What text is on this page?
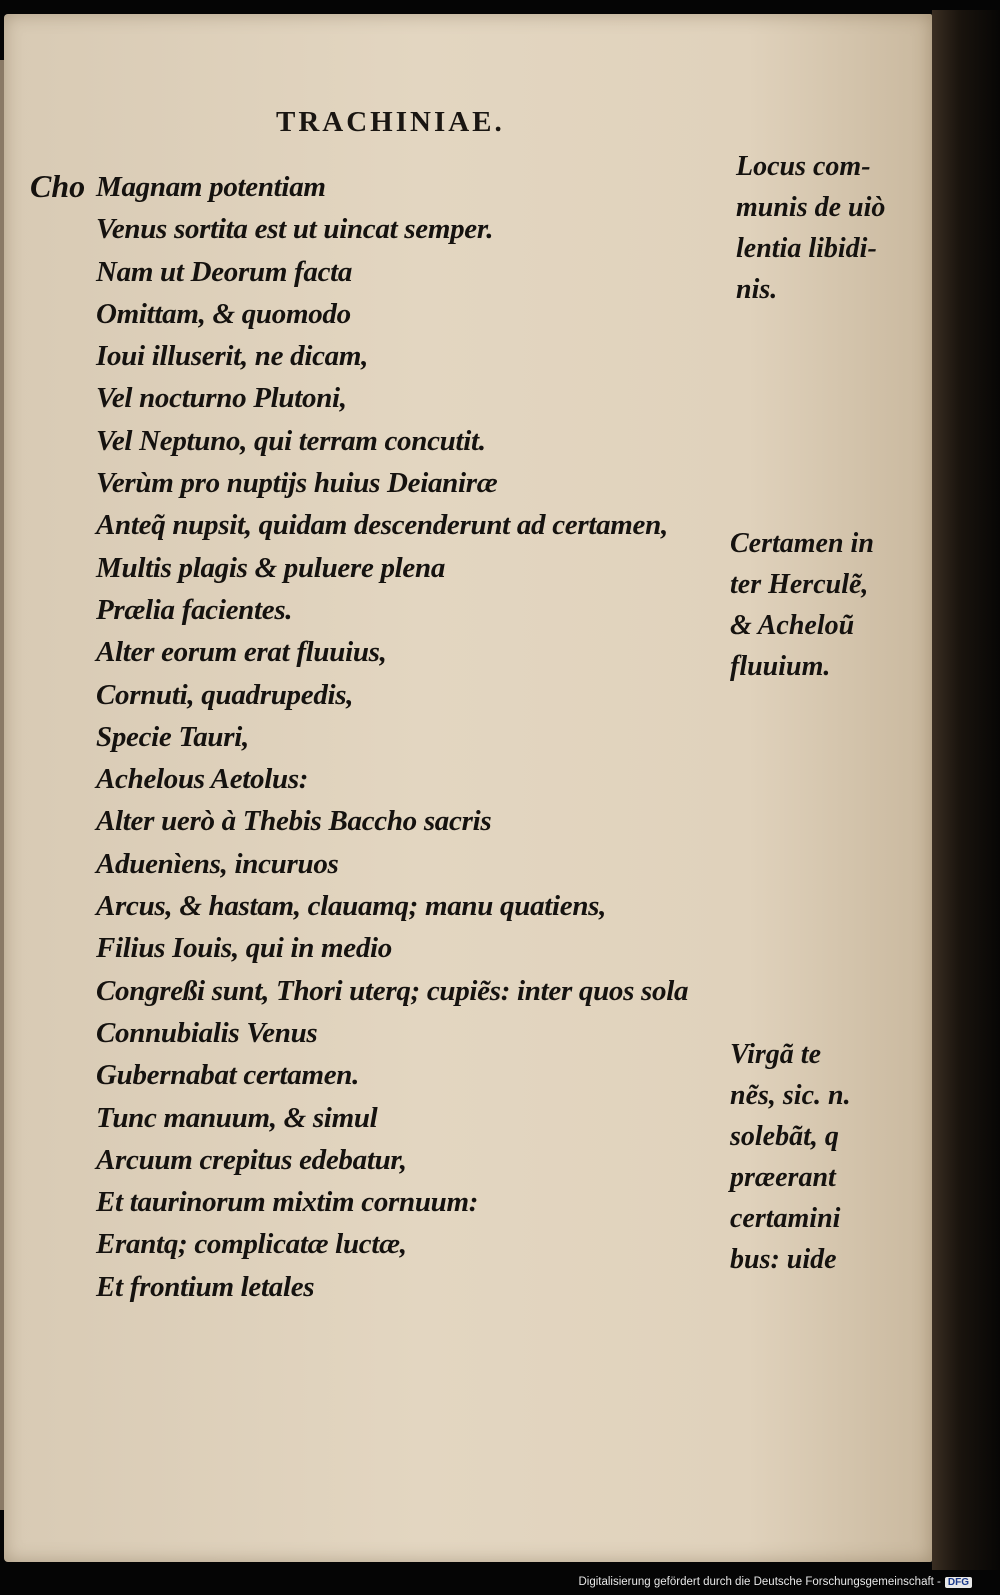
TRACHINIAE.
Cho Magnam potentiam
Venus sortita est ut uincat semper.
Nam ut Deorum facta
Omittam, & quomodo
Ioui illuserit, ne dicam,
Vel nocturno Plutoni,
Vel Neptuno, qui terram concutit.
Verùm pro nuptijs huius Deianiræ
Anteq̃ nupsit, quidam descenderunt ad certamen,
Multis plagis & puluere plena
Prælia facientes.
Alter eorum erat fluuius,
Cornuti, quadrupedis,
Specie Tauri,
Achelous Aetolus:
Alter uerò à Thebis Baccho sacris
Aduenìens, incuruos
Arcus, & hastam, clauamq; manu quatiens,
Filius Iouis, qui in medio
Congreßi sunt, Thori uterq; cupiẽs: inter quos sola
Connubialis Venus
Gubernabat certamen.
Tunc manuum, & simul
Arcuum crepitus edebatur,
Et taurinorum mixtim cornuum:
Erantq; complicatæ luctæ,
Et frontium letales
Locus com-
munis de uiò
lentia libidi-
nis.
Certamen in
ter Herculẽ,
& Acheloũ
fluuium.
Virgã te
nẽs, sic. n.
solebãt, q
præerant
certamini
bus: uide
Digitalisierung gefördert durch die Deutsche Forschungsgemeinschaft - DFG
